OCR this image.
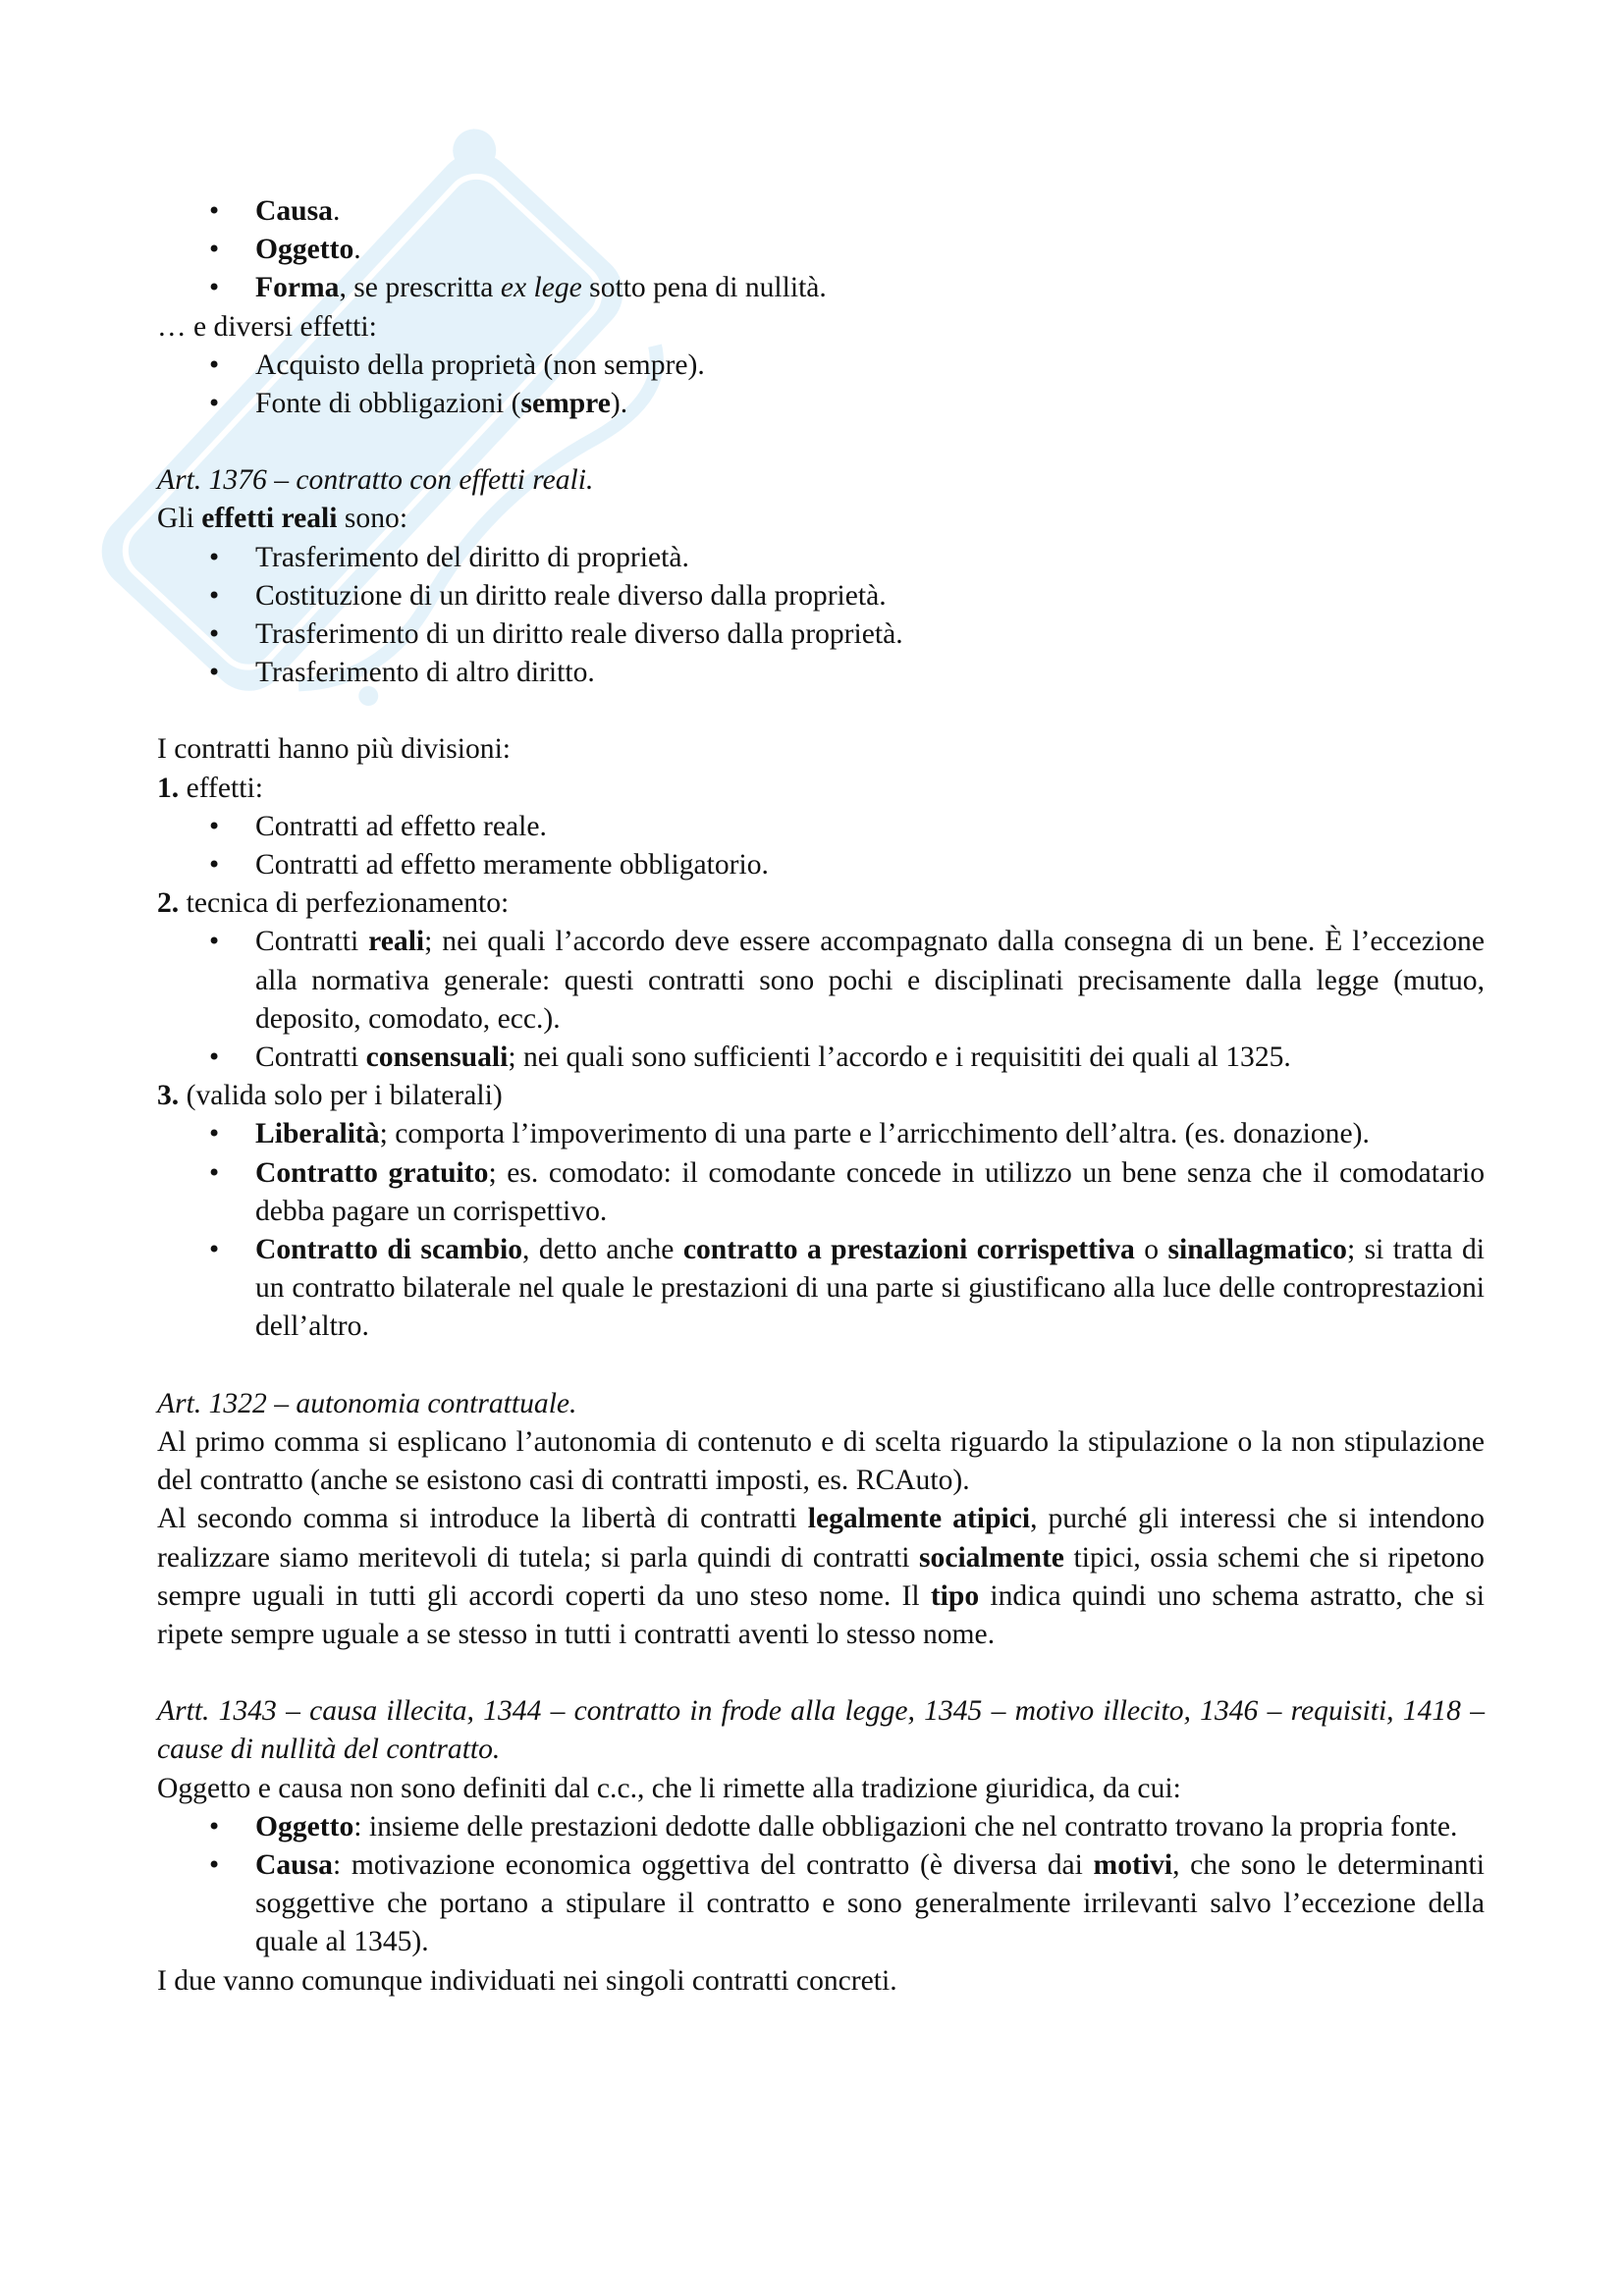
• Causa.
• Oggetto.
• Forma, se prescritta ex lege sotto pena di nullità.

… e diversi effetti:

• Acquisto della proprietà (non sempre).
• Fonte di obbligazioni (sempre).

Art. 1376 – contratto con effetti reali.

Gli effetti reali sono:

• Trasferimento del diritto di proprietà.
• Costituzione di un diritto reale diverso dalla proprietà.
• Trasferimento di un diritto reale diverso dalla proprietà.
• Trasferimento di altro diritto.

I contratti hanno più divisioni:

1. effetti:

• Contratti ad effetto reale.
• Contratti ad effetto meramente obbligatorio.

2. tecnica di perfezionamento:

• Contratti reali; nei quali l’accordo deve essere accompagnato dalla consegna di un bene. È l’eccezione alla normativa generale: questi contratti sono pochi e disciplinati precisamente dalla legge (mutuo, deposito, comodato, ecc.).
• Contratti consensuali; nei quali sono sufficienti l’accordo e i requisititi dei quali al 1325.

3. (valida solo per i bilaterali)

• Liberalità; comporta l’impoverimento di una parte e l’arricchimento dell’altra. (es. donazione).
• Contratto gratuito; es. comodato: il comodante concede in utilizzo un bene senza che il comodatario debba pagare un corrispettivo.
• Contratto di scambio, detto anche contratto a prestazioni corrispettiva o sinallagmatico; si tratta di un contratto bilaterale nel quale le prestazioni di una parte si giustificano alla luce delle controprestazioni dell’altro.

Art. 1322 – autonomia contrattuale.

Al primo comma si esplicano l’autonomia di contenuto e di scelta riguardo la stipulazione o la non stipulazione del contratto (anche se esistono casi di contratti imposti, es. RCAuto).

Al secondo comma si introduce la libertà di contratti legalmente atipici, purché gli interessi che si intendono realizzare siamo meritevoli di tutela; si parla quindi di contratti socialmente tipici, ossia schemi che si ripetono sempre uguali in tutti gli accordi coperti da uno steso nome. Il tipo indica quindi uno schema astratto, che si ripete sempre uguale a se stesso in tutti i contratti aventi lo stesso nome.

Artt. 1343 – causa illecita, 1344 – contratto in frode alla legge, 1345 – motivo illecito, 1346 – requisiti, 1418 – cause di nullità del contratto.

Oggetto e causa non sono definiti dal c.c., che li rimette alla tradizione giuridica, da cui:

• Oggetto: insieme delle prestazioni dedotte dalle obbligazioni che nel contratto trovano la propria fonte.
• Causa: motivazione economica oggettiva del contratto (è diversa dai motivi, che sono le determinanti soggettive che portano a stipulare il contratto e sono generalmente irrilevanti salvo l’eccezione della quale al 1345).

I due vanno comunque individuati nei singoli contratti concreti.
